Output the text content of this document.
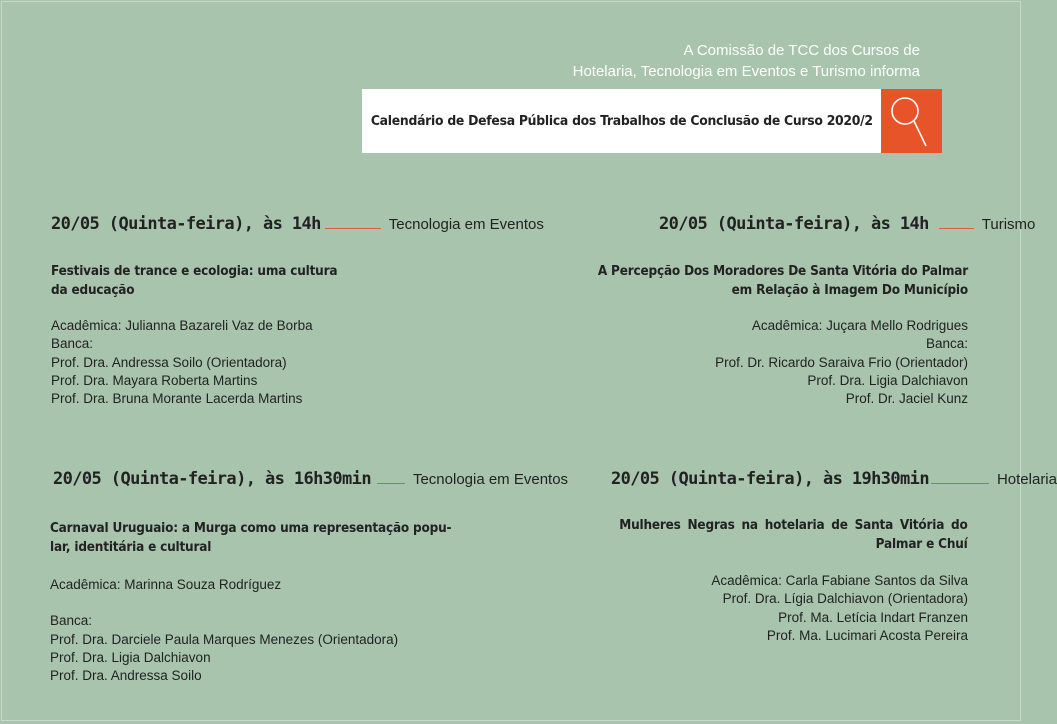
A Comissão de TCC dos Cursos de
Hotelaria, Tecnologia em Eventos e Turismo informa
Calendário de Defesa Pública dos Trabalhos de Conclusão de Curso 2020/2
20/05 (Quinta-feira), às 14h	Tecnologia em Eventos
Festivais de trance e ecologia: uma cultura
da educação
Acadêmica: Julianna Bazareli Vaz de Borba
Banca:
Prof. Dra. Andressa Soilo (Orientadora)
Prof. Dra. Mayara Roberta Martins
Prof. Dra. Bruna Morante Lacerda Martins
20/05 (Quinta-feira), às 14h	Turismo
A Percepção Dos Moradores De Santa Vitória do Palmar
em Relação à Imagem Do Município
Acadêmica: Juçara Mello Rodrigues
Banca:
Prof. Dr. Ricardo Saraiva Frio (Orientador)
Prof. Dra. Ligia Dalchiavon
Prof. Dr. Jaciel Kunz
20/05 (Quinta-feira), às 16h30min	Tecnologia em Eventos
Carnaval Uruguaio: a Murga como uma representação popu-
lar, identitária e cultural
Acadêmica: Marinna Souza Rodríguez
Banca:
Prof. Dra. Darciele Paula Marques Menezes (Orientadora)
Prof. Dra. Ligia Dalchiavon
Prof. Dra. Andressa Soilo
20/05 (Quinta-feira), às 19h30min	Hotelaria
Mulheres Negras na hotelaria de Santa Vitória do
Palmar e Chuí
Acadêmica: Carla Fabiane Santos da Silva
Prof. Dra. Lígia Dalchiavon (Orientadora)
Prof. Ma. Letícia Indart Franzen
Prof. Ma. Lucimari Acosta Pereira
